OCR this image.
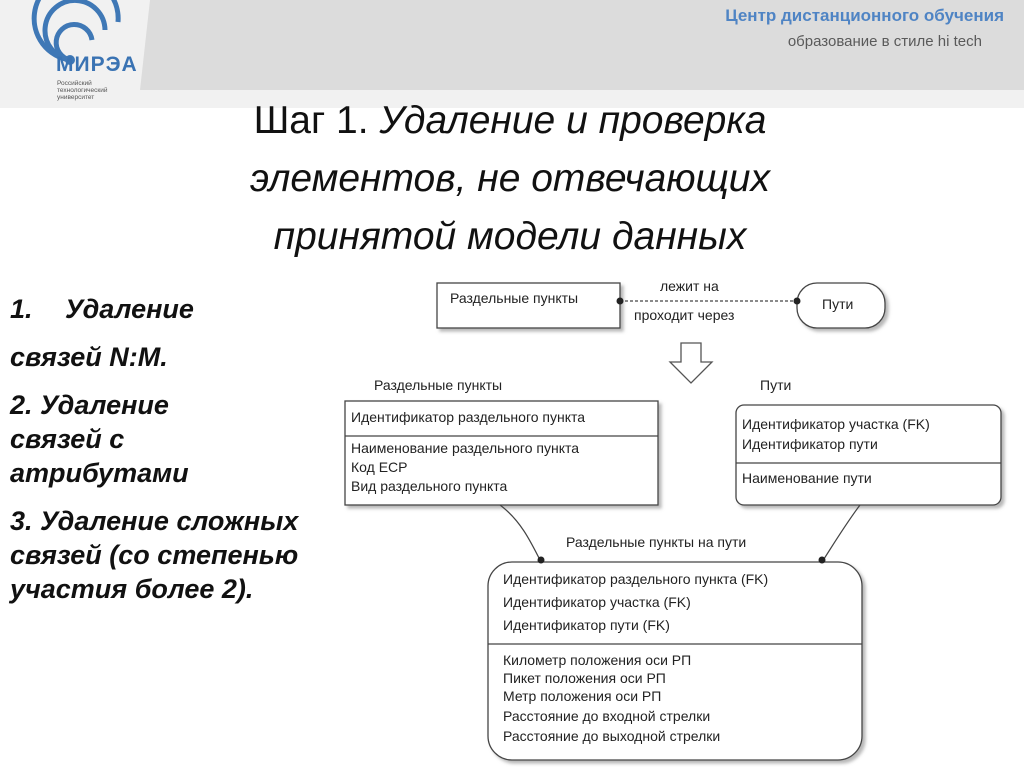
МИРЭА
Российский технологический университет
Центр дистанционного обучения
образование в стиле hi tech
Шаг 1. Удаление и проверка
элементов, не отвечающих
принятой модели данных

1. Удаление

связей N:M.

2. Удаление связей с атрибутами

3. Удаление сложных связей (со степенью участия более 2).

Раздельные пункты	Пути
лежит на
проходит через
Раздельные пункты
Идентификатор раздельного пункта
Наименование раздельного пункта
Код ЕСР
Вид раздельного пункта
Пути
Идентификатор участка (FK)
Идентификатор пути
Наименование пути
Раздельные пункты на пути
Идентификатор раздельного пункта (FK)
Идентификатор участка (FK)
Идентификатор пути (FK)
Километр положения оси РП
Пикет положения оси РП
Метр положения оси РП
Расстояние до входной стрелки
Расстояние до выходной стрелки
